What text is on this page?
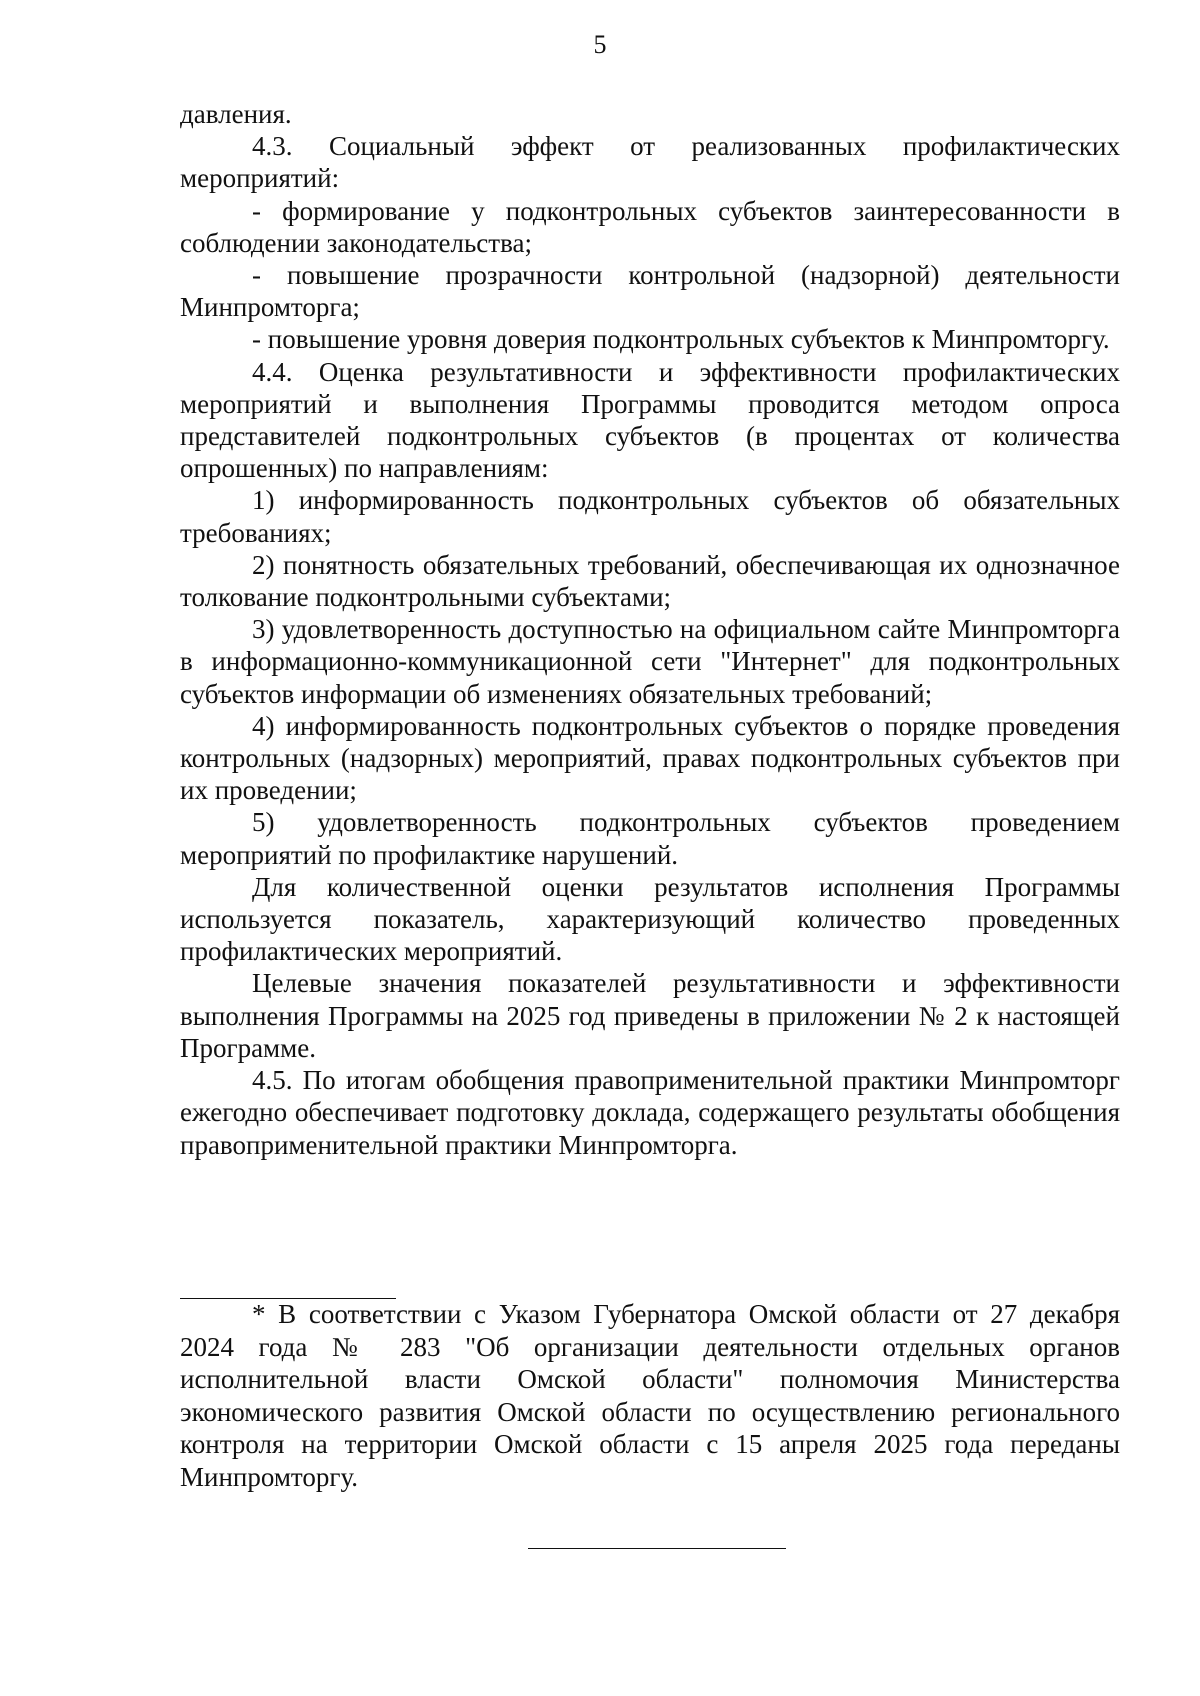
5

давления.

4.3. Социальный эффект от реализованных профилактических мероприятий:

- формирование у подконтрольных субъектов заинтересованности в соблюдении законодательства;

- повышение прозрачности контрольной (надзорной) деятельности Минпромторга;

- повышение уровня доверия подконтрольных субъектов к Минпромторгу.

4.4. Оценка результативности и эффективности профилактических мероприятий и выполнения Программы проводится методом опроса представителей подконтрольных субъектов (в процентах от количества опрошенных) по направлениям:

1) информированность подконтрольных субъектов об обязательных требованиях;

2) понятность обязательных требований, обеспечивающая их однозначное толкование подконтрольными субъектами;

3) удовлетворенность доступностью на официальном сайте Минпромторга в информационно-коммуникационной сети "Интернет" для подконтрольных субъектов информации об изменениях обязательных требований;

4) информированность подконтрольных субъектов о порядке проведения контрольных (надзорных) мероприятий, правах подконтрольных субъектов при их проведении;

5) удовлетворенность подконтрольных субъектов проведением мероприятий по профилактике нарушений.

Для количественной оценки результатов исполнения Программы используется показатель, характеризующий количество проведенных профилактических мероприятий.

Целевые значения показателей результативности и эффективности выполнения Программы на 2025 год приведены в приложении № 2 к настоящей Программе.

4.5. По итогам обобщения правоприменительной практики Минпромторг ежегодно обеспечивает подготовку доклада, содержащего результаты обобщения правоприменительной практики Минпромторга.

* В соответствии с Указом Губернатора Омской области от 27 декабря 2024 года № 283 "Об организации деятельности отдельных органов исполнительной власти Омской области" полномочия Министерства экономического развития Омской области по осуществлению регионального контроля на территории Омской области с 15 апреля 2025 года переданы Минпромторгу.
